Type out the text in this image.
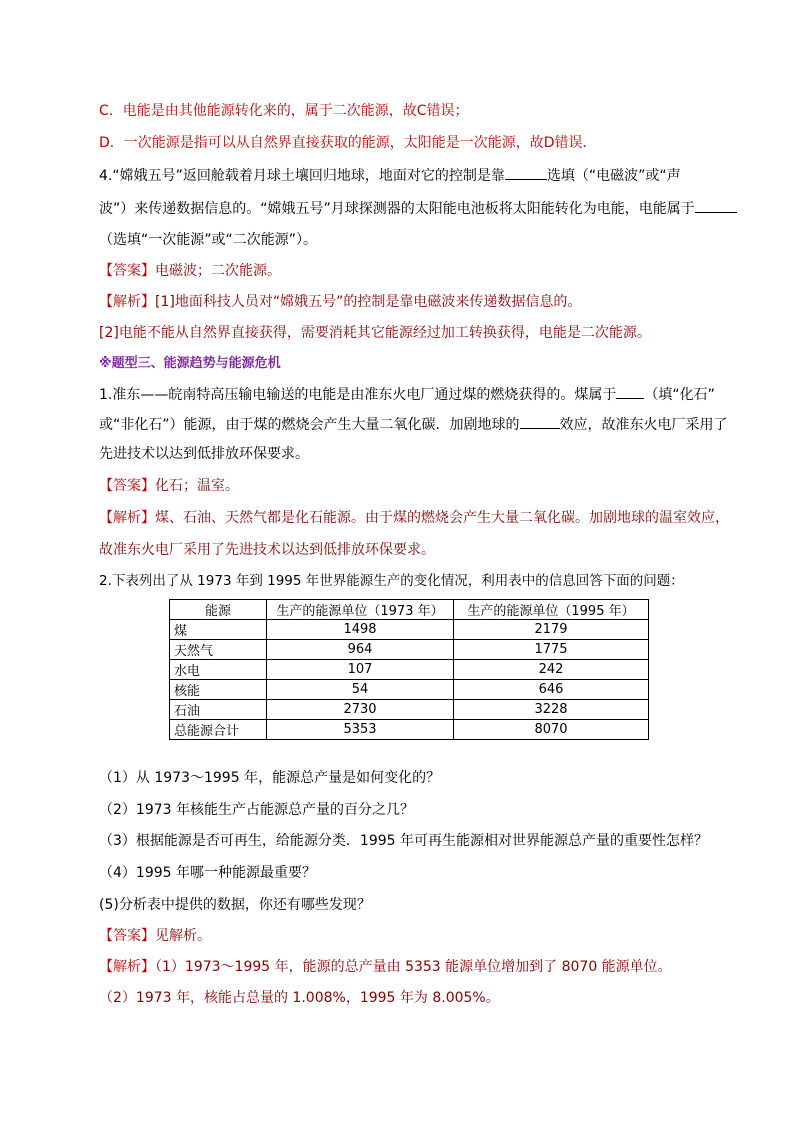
C．电能是由其他能源转化来的，属于二次能源，故C错误；
D．一次能源是指可以从自然界直接获取的能源，太阳能是一次能源，故D错误．
4.“嫦娥五号”返回舱载着月球土壤回归地球，地面对它的控制是靠	选填（“电磁波”或“声
波”）来传递数据信息的。“嫦娥五号”月球探测器的太阳能电池板将太阳能转化为电能，电能属于
（选填“一次能源”或“二次能源”）。
【答案】电磁波；二次能源。
【解析】[1]地面科技人员对“嫦娥五号”的控制是靠电磁波来传递数据信息的。
[2]电能不能从自然界直接获得，需要消耗其它能源经过加工转换获得，电能是二次能源。
※题型三、能源趋势与能源危机
1.准东——皖南特高压输电输送的电能是由准东火电厂通过煤的燃烧获得的。煤属于 （填“化石”
或“非化石”）能源，由于煤的燃烧会产生大量二氧化碳．加剧地球的	效应，故准东火电厂采用了
先进技术以达到低排放环保要求。
【答案】化石；温室。
【解析】煤、石油、天然气都是化石能源。由于煤的燃烧会产生大量二氧化碳。加剧地球的温室效应，
故准东火电厂采用了先进技术以达到低排放环保要求。
2.下表列出了从 1973 年到 1995 年世界能源生产的变化情况，利用表中的信息回答下面的问题：
能源	生产的能源单位（1973 年）	生产的能源单位（1995 年）
煤	1498	2179
天然气	964	1775
水电	107	242
核能	54	646
石油	2730	3228
总能源合计	5353	8070
（1）从 1973～1995 年，能源总产量是如何变化的？
（2）1973 年核能生产占能源总产量的百分之几？
（3）根据能源是否可再生，给能源分类．1995 年可再生能源相对世界能源总产量的重要性怎样？
（4）1995 年哪一种能源最重要？
(5)分析表中提供的数据，你还有哪些发现？
【答案】见解析。
【解析】（1）1973～1995 年，能源的总产量由 5353 能源单位增加到了 8070 能源单位。
（2）1973 年，核能占总量的 1.008%，1995 年为 8.005%。
